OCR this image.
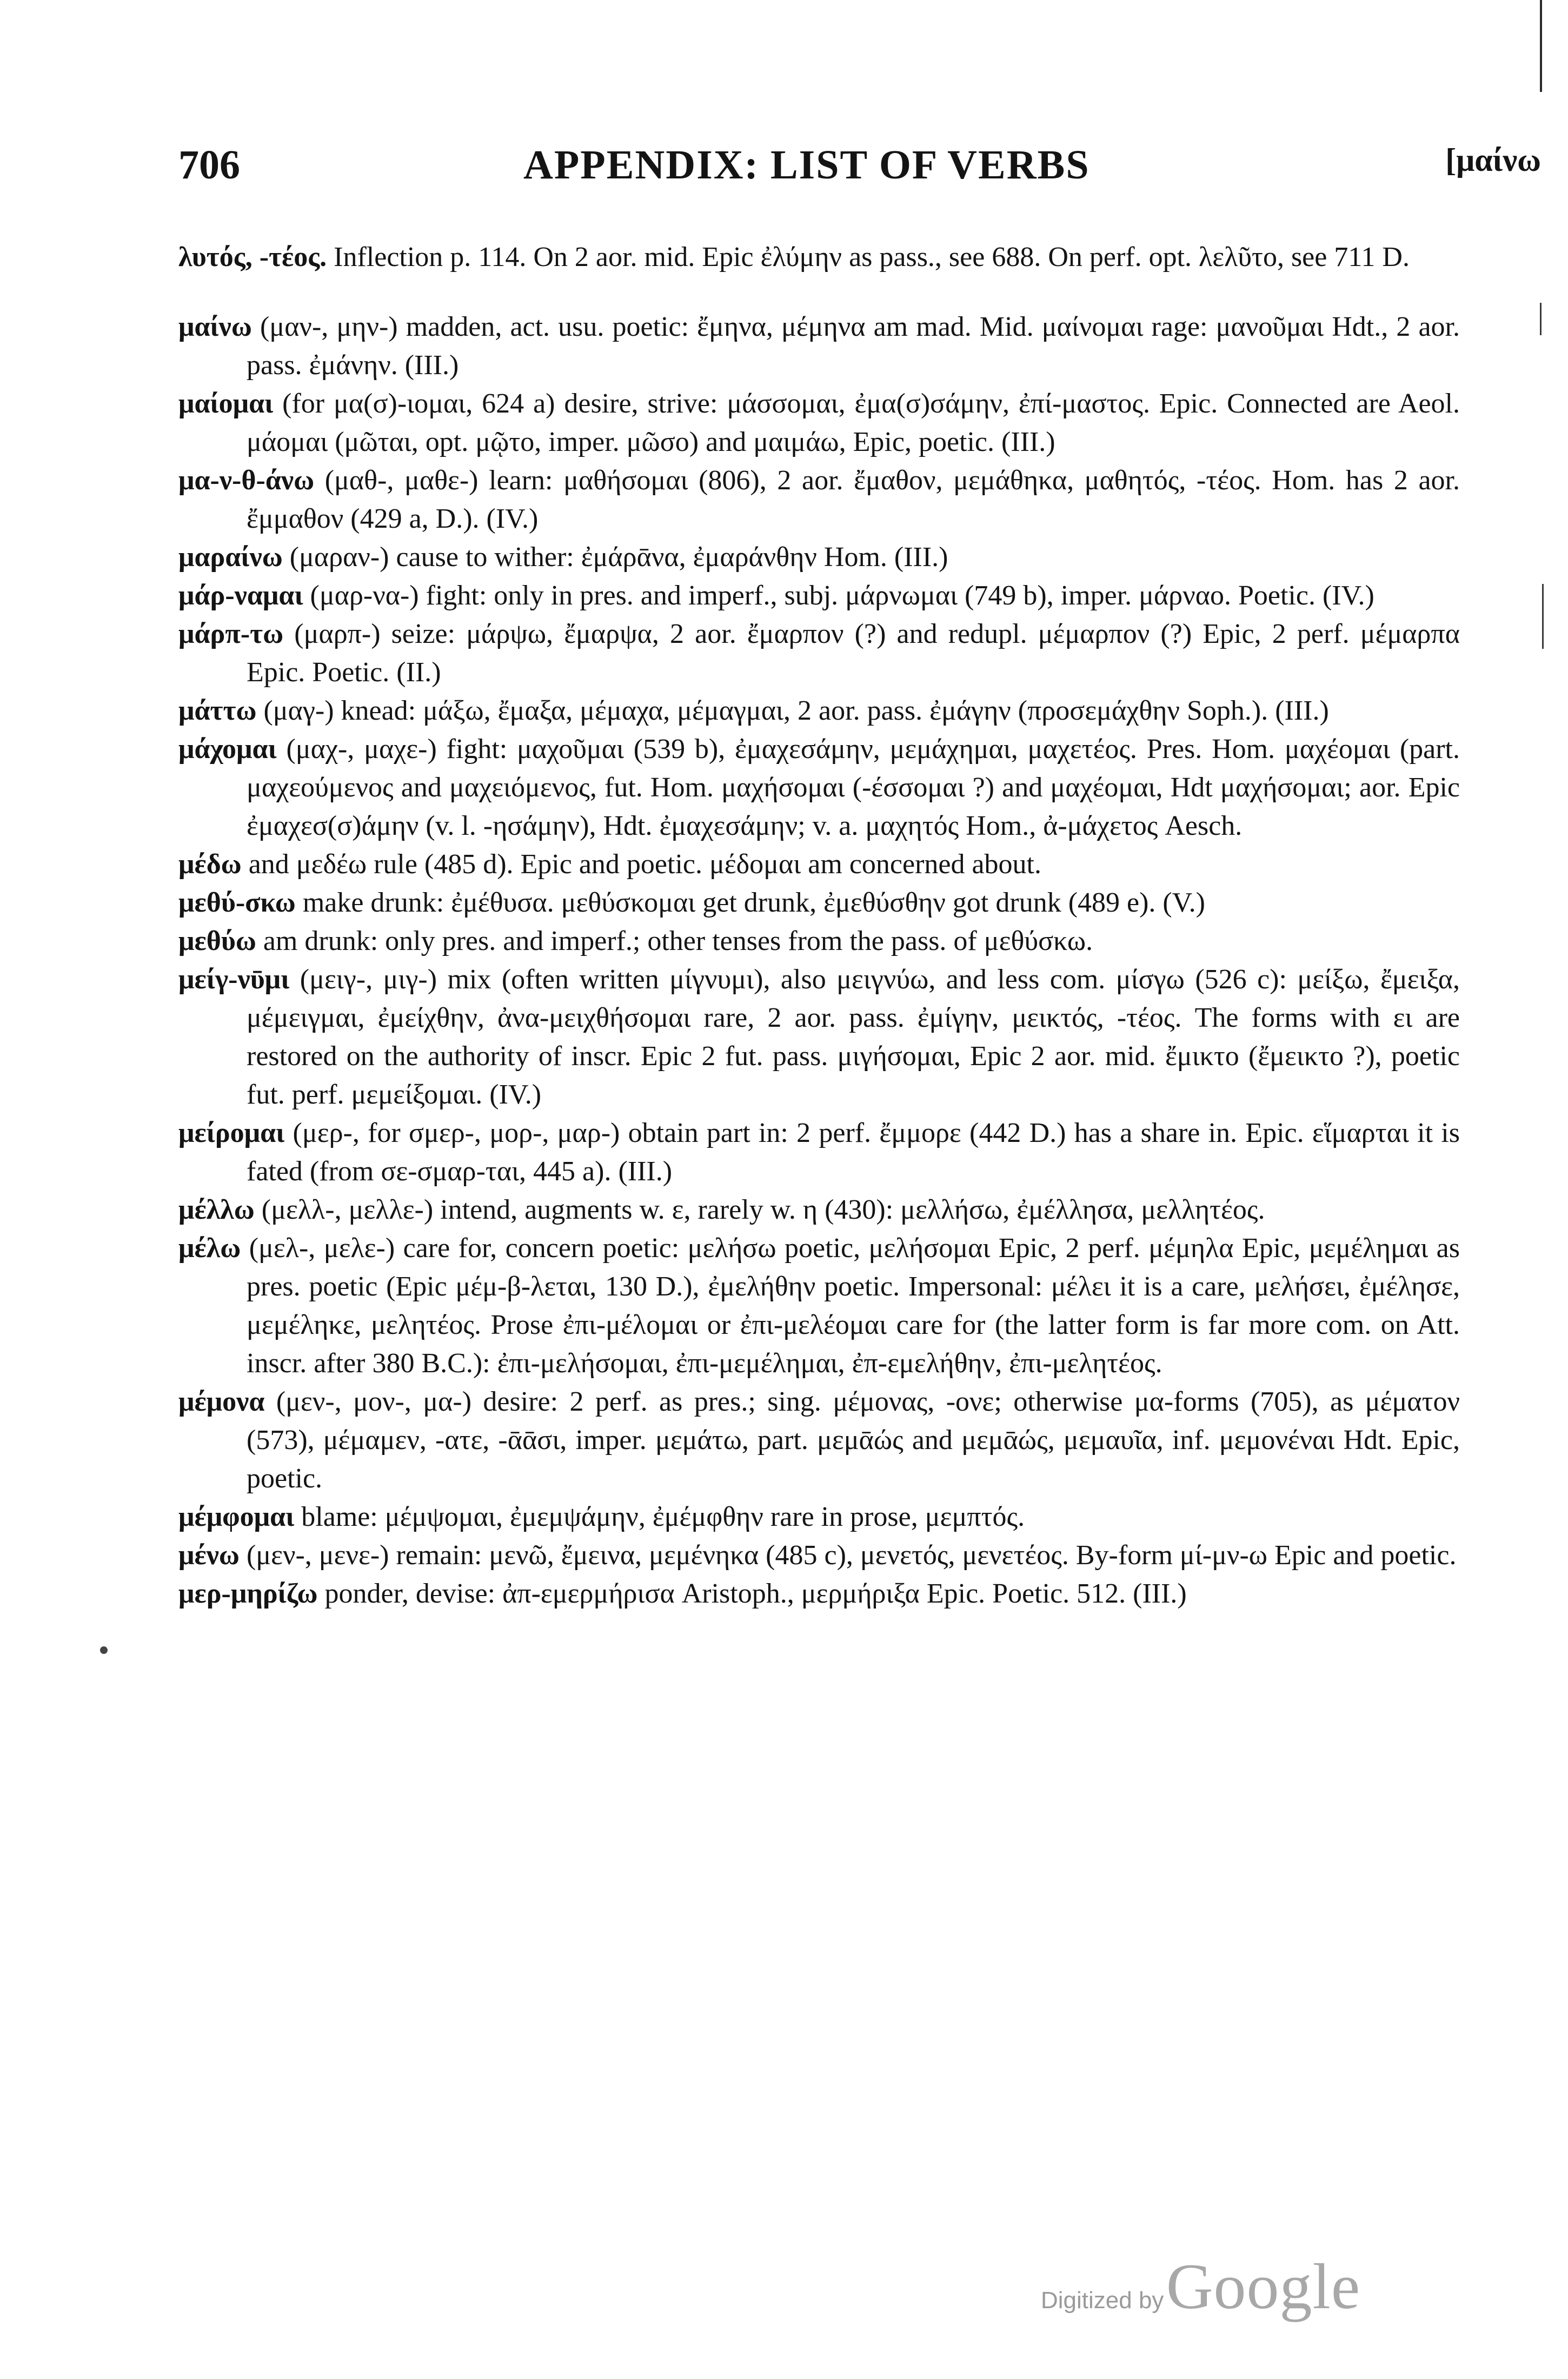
706	APPENDIX: LIST OF VERBS	[μαίνω

λυτός, -τέος. Inflection p. 114. On 2 aor. mid. Epic ἐλύμην as pass., see 688. On perf. opt. λελῦτο, see 711 D.

μαίνω (μαν-, μην-) madden, act. usu. poetic: ἔμηνα, μέμηνα am mad. Mid. μαίνομαι rage: μανοῦμαι Hdt., 2 aor. pass. ἐμάνην. (III.)

μαίομαι (for μα(σ)-ιομαι, 624 a) desire, strive: μάσσομαι, ἐμα(σ)σάμην, ἐπί-μαστος. Epic. Connected are Aeol. μάομαι (μῶται, opt. μῷτο, imper. μῶσο) and μαιμάω, Epic, poetic. (III.)

μα-ν-θ-άνω (μαθ-, μαθε-) learn: μαθήσομαι (806), 2 aor. ἔμαθον, μεμάθηκα, μαθητός, -τέος. Hom. has 2 aor. ἔμμαθον (429 a, D.). (IV.)

μαραίνω (μαραν-) cause to wither: ἐμάρᾱνα, ἐμαράνθην Hom. (III.)

μάρ-ναμαι (μαρ-να-) fight: only in pres. and imperf., subj. μάρνωμαι (749 b), imper. μάρναο. Poetic. (IV.)

μάρπ-τω (μαρπ-) seize: μάρψω, ἔμαρψα, 2 aor. ἔμαρπον (?) and redupl. μέμαρπον (?) Epic, 2 perf. μέμαρπα Epic. Poetic. (II.)

μάττω (μαγ-) knead: μάξω, ἔμαξα, μέμαχα, μέμαγμαι, 2 aor. pass. ἐμάγην (προσεμάχθην Soph.). (III.)

μάχομαι (μαχ-, μαχε-) fight: μαχοῦμαι (539 b), ἐμαχεσάμην, μεμάχημαι, μαχετέος. Pres. Hom. μαχέομαι (part. μαχεούμενος and μαχειόμενος, fut. Hom. μαχήσομαι (-έσσομαι ?) and μαχέομαι, Hdt μαχήσομαι; aor. Epic ἐμαχεσ(σ)άμην (v. l. -ησάμην), Hdt. ἐμαχεσάμην; v. a. μαχητός Hom., ἀ-μάχετος Aesch.

μέδω and μεδέω rule (485 d). Epic and poetic. μέδομαι am concerned about.

μεθύ-σκω make drunk: ἐμέθυσα. μεθύσκομαι get drunk, ἐμεθύσθην got drunk (489 e). (V.)

μεθύω am drunk: only pres. and imperf.; other tenses from the pass. of μεθύσκω.

μείγ-νῡμι (μειγ-, μιγ-) mix (often written μίγνυμι), also μειγνύω, and less com. μίσγω (526 c): μείξω, ἔμειξα, μέμειγμαι, ἐμείχθην, ἀνα-μειχθήσομαι rare, 2 aor. pass. ἐμίγην, μεικτός, -τέος. The forms with ει are restored on the authority of inscr. Epic 2 fut. pass. μιγήσομαι, Epic 2 aor. mid. ἔμικτο (ἔμεικτο ?), poetic fut. perf. μεμείξομαι. (IV.)

μείρομαι (μερ-, for σμερ-, μορ-, μαρ-) obtain part in: 2 perf. ἔμμορε (442 D.) has a share in. Epic. εἵμαρται it is fated (from σε-σμαρ-ται, 445 a). (III.)

μέλλω (μελλ-, μελλε-) intend, augments w. ε, rarely w. η (430): μελλήσω, ἐμέλλησα, μελλητέος.

μέλω (μελ-, μελε-) care for, concern poetic: μελήσω poetic, μελήσομαι Epic, 2 perf. μέμηλα Epic, μεμέλημαι as pres. poetic (Epic μέμ-β-λεται, 130 D.), ἐμελήθην poetic. Impersonal: μέλει it is a care, μελήσει, ἐμέλησε, μεμέληκε, μελητέος. Prose ἐπι-μέλομαι or ἐπι-μελέομαι care for (the latter form is far more com. on Att. inscr. after 380 B.C.): ἐπι-μελήσομαι, ἐπι-μεμέλημαι, ἐπ-εμελήθην, ἐπι-μελητέος.

μέμονα (μεν-, μον-, μα-) desire: 2 perf. as pres.; sing. μέμονας, -ονε; otherwise μα-forms (705), as μέματον (573), μέμαμεν, -ατε, -ᾱᾱσι, imper. μεμάτω, part. μεμᾱώς and μεμᾱώς, μεμαυῖα, inf. μεμονέναι Hdt. Epic, poetic.

μέμφομαι blame: μέμψομαι, ἐμεμψάμην, ἐμέμφθην rare in prose, μεμπτός.

μένω (μεν-, μενε-) remain: μενῶ, ἔμεινα, μεμένηκα (485 c), μενετός, μενετέος. By-form μί-μν-ω Epic and poetic.

μερ-μηρίζω ponder, devise: ἀπ-εμερμήρισα Aristoph., μερμήριξα Epic. Poetic. 512. (III.)

Digitized by Google
